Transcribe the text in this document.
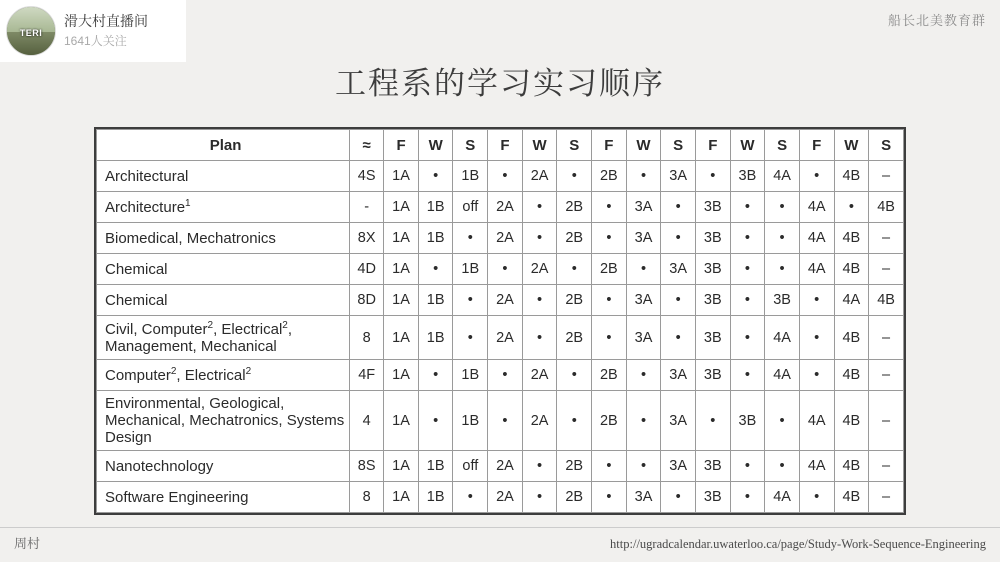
TERI
滑大村直播间
1641人关注
船长北美教育群
工程系的学习实习顺序
Plan	≈	F	W	S	F	W	S	F	W	S	F	W	S	F	W	S
Architectural	4S	1A	•	1B	•	2A	•	2B	•	3A	•	3B	4A	•	4B	–
Architecture$^1$	-	1A	1B	off	2A	•	2B	•	3A	•	3B	•	•	4A	•	4B
Biomedical, Mechatronics	8X	1A	1B	•	2A	•	2B	•	3A	•	3B	•	•	4A	4B	–
Chemical	4D	1A	•	1B	•	2A	•	2B	•	3A	3B	•	•	4A	4B	–
Chemical	8D	1A	1B	•	2A	•	2B	•	3A	•	3B	•	3B	•	4A	4B
Civil, Computer$^2$, Electrical$^2$, Management, Mechanical	8	1A	1B	•	2A	•	2B	•	3A	•	3B	•	4A	•	4B	–
Computer$^2$, Electrical$^2$	4F	1A	•	1B	•	2A	•	2B	•	3A	3B	•	4A	•	4B	–
Environmental, Geological, Mechanical, Mechatronics, Systems Design	4	1A	•	1B	•	2A	•	2B	•	3A	•	3B	•	4A	4B	–
Nanotechnology	8S	1A	1B	off	2A	•	2B	•	•	3A	3B	•	•	4A	4B	–
Software Engineering	8	1A	1B	•	2A	•	2B	•	3A	•	3B	•	4A	•	4B	–
周村	http://ugradcalendar.uwaterloo.ca/page/Study-Work-Sequence-Engineering
